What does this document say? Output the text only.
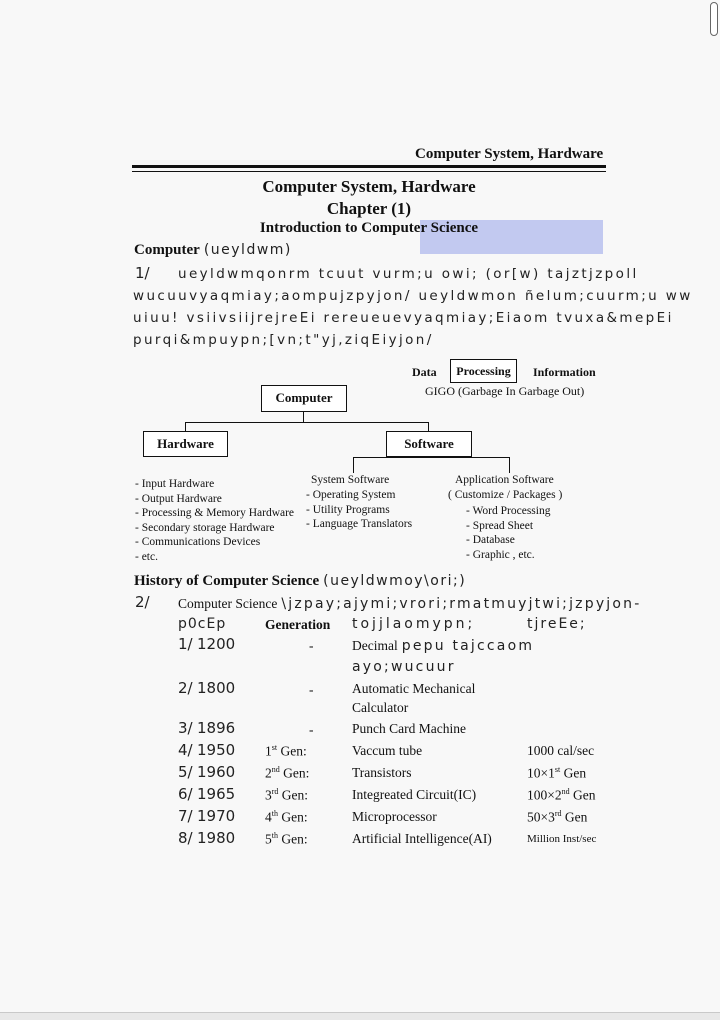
Computer System, Hardware
Computer System, Hardware
Chapter (1)
Introduction to Computer Science
Computer (ueyldwm)
1/ ueyldwmqonrm tcuut vurm;u owi; (or[w) tajztjzpoll
wucuuvyaqmiay;aompujzpyjon/ ueyldwmon ñelum;cuurm;u ww
uiuu! vsiivsiijrejreEi rereueuevyaqmiay;Eiaom tvuxa&mepEi
purqi&mpuypn;[vn;t"yj,ziqEiyjon/
Data	Processing	Information
GIGO (Garbage In Garbage Out)
Computer
Hardware	Software
- Input Hardware
- Output Hardware
- Processing & Memory Hardware
- Secondary storage Hardware
- Communications Devices
- etc.
System Software
- Operating System
- Utility Programs
- Language Translators
Application Software
( Customize / Packages )
- Word Processing
- Spread Sheet
- Database
- Graphic , etc.
History of Computer Science (ueyldwmoy\ori;)
2/ Computer Science \jzpay;ajymi;vrori;rmatmuyjtwi;jzpyjon-
p0cEp	Generation tojjlaomypn;	tjreEe;
1/ 1200	-	Decimal pepu tajccaom
ayo;wucuur
2/ 1800	-	Automatic Mechanical
Calculator
3/ 1896	-	Punch Card Machine
4/ 1950 1st Gen:	Vaccum tube	1000 cal/sec
5/ 1960 2nd Gen:	Transistors	10×1st Gen
6/ 1965 3rd Gen:	Integreated Circuit(IC)	100×2nd Gen
7/ 1970 4th Gen:	Microprocessor	50×3rd Gen
8/ 1980 5th Gen:	Artificial Intelligence(AI)	Million Inst/sec
